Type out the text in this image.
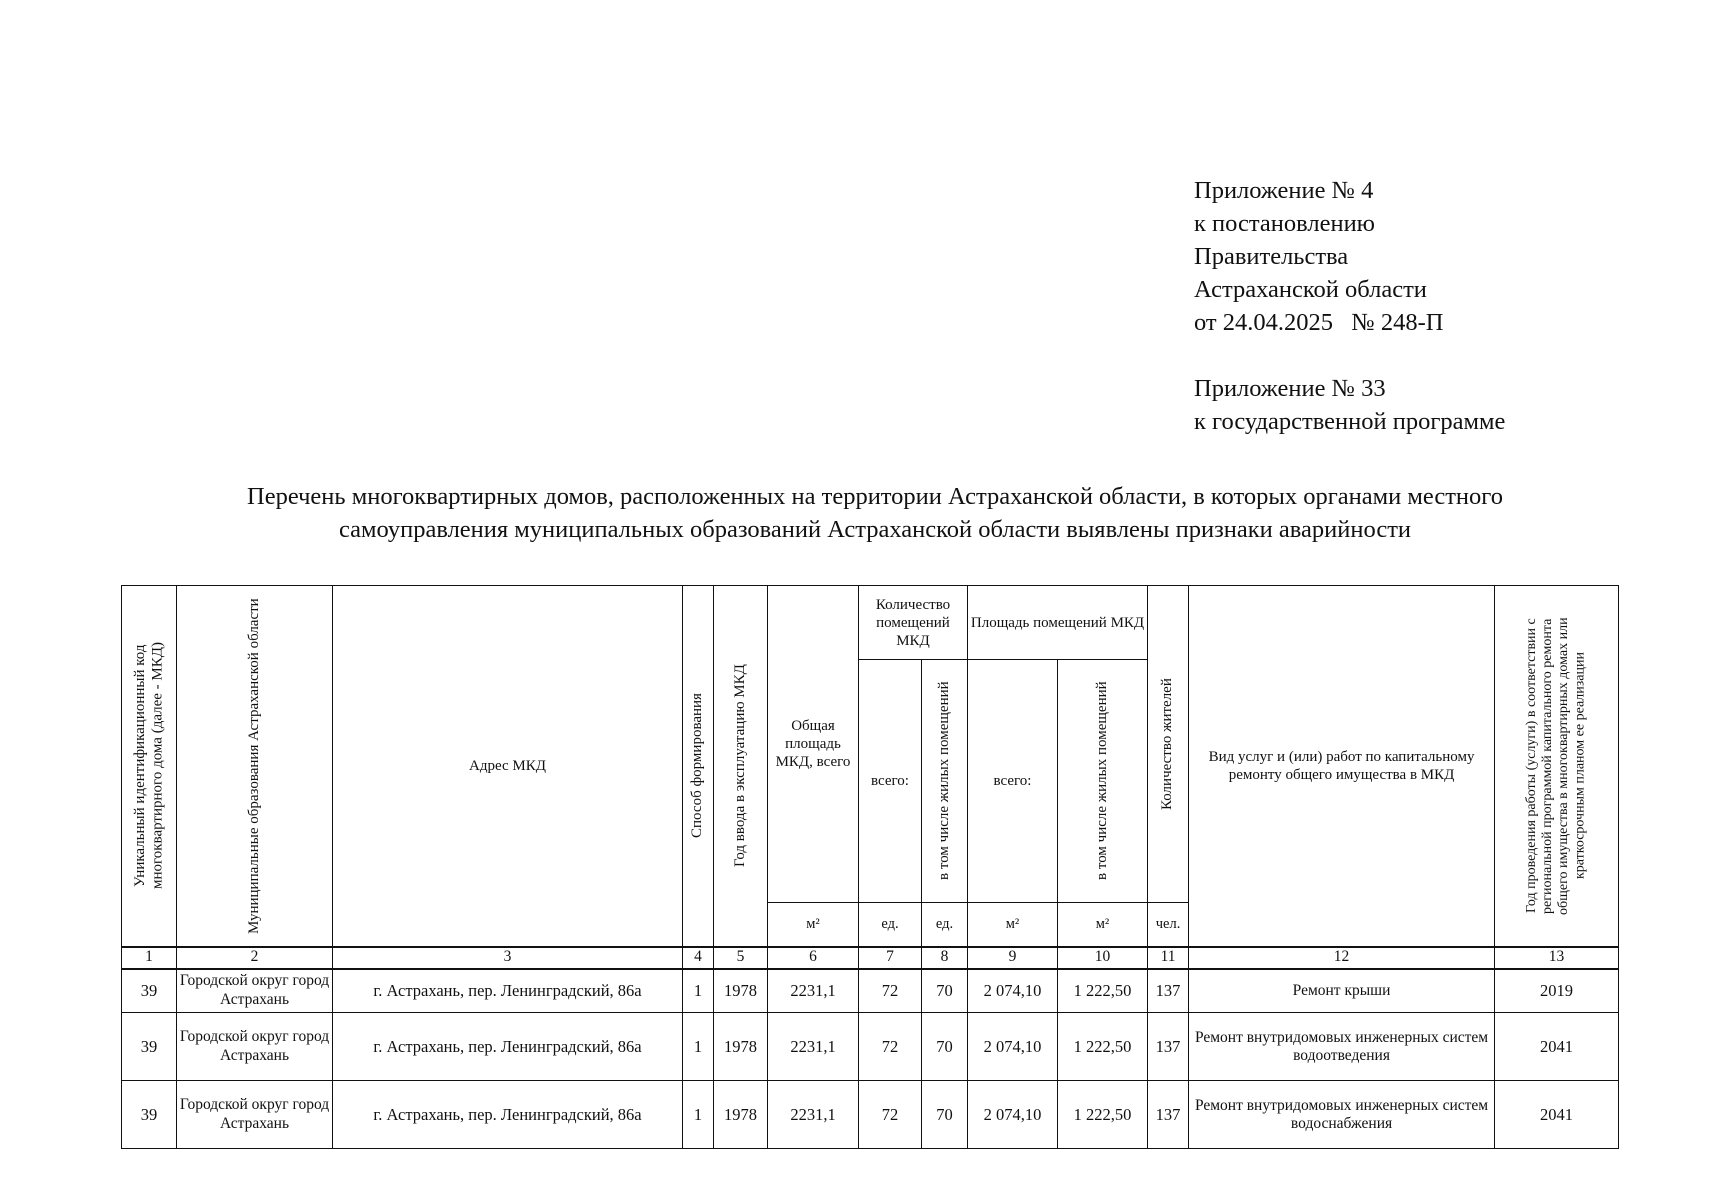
Приложение № 4
к постановлению
Правительства
Астраханской области
от 24.04.2025   № 248-П
Приложение № 33
к государственной программе
Перечень многоквартирных домов, расположенных на территории Астраханской области, в которых органами местного
самоуправления муниципальных образований Астраханской области выявлены признаки аварийности
Уникальный идентификационный код многоквартирного дома (далее - МКД)	Муниципальные образования Астраханской области	Адрес МКД	Способ формирования	Год ввода в эксплуатацию МКД	Общая площадь МКД, всего	Количество помещений МКД		Площадь помещений МКД		Количество жителей	Вид услуг и (или) работ по капитальному ремонту общего имущества в МКД	Год проведения работы (услуги) в соответствии с региональной программой капитального ремонта общего имущества в многоквартирных домах или краткосрочным планом ее реализации

						всего:	в том числе жилых помещений	всего:	в том числе жилых помещений			

					м²	ед.	ед.	м²	м²	чел.		
1	2	3	4	5	6	7	8	9	10	11	12	13
39	Городской округ город Астрахань	г. Астрахань, пер. Ленинградский, 86а	1	1978	2231,1	72	70	2 074,10	1 222,50	137	Ремонт крыши	2019
39	Городской округ город Астрахань	г. Астрахань, пер. Ленинградский, 86а	1	1978	2231,1	72	70	2 074,10	1 222,50	137	Ремонт внутридомовых инженерных систем водоотведения	2041
39	Городской округ город Астрахань	г. Астрахань, пер. Ленинградский, 86а	1	1978	2231,1	72	70	2 074,10	1 222,50	137	Ремонт внутридомовых инженерных систем водоснабжения	2041
